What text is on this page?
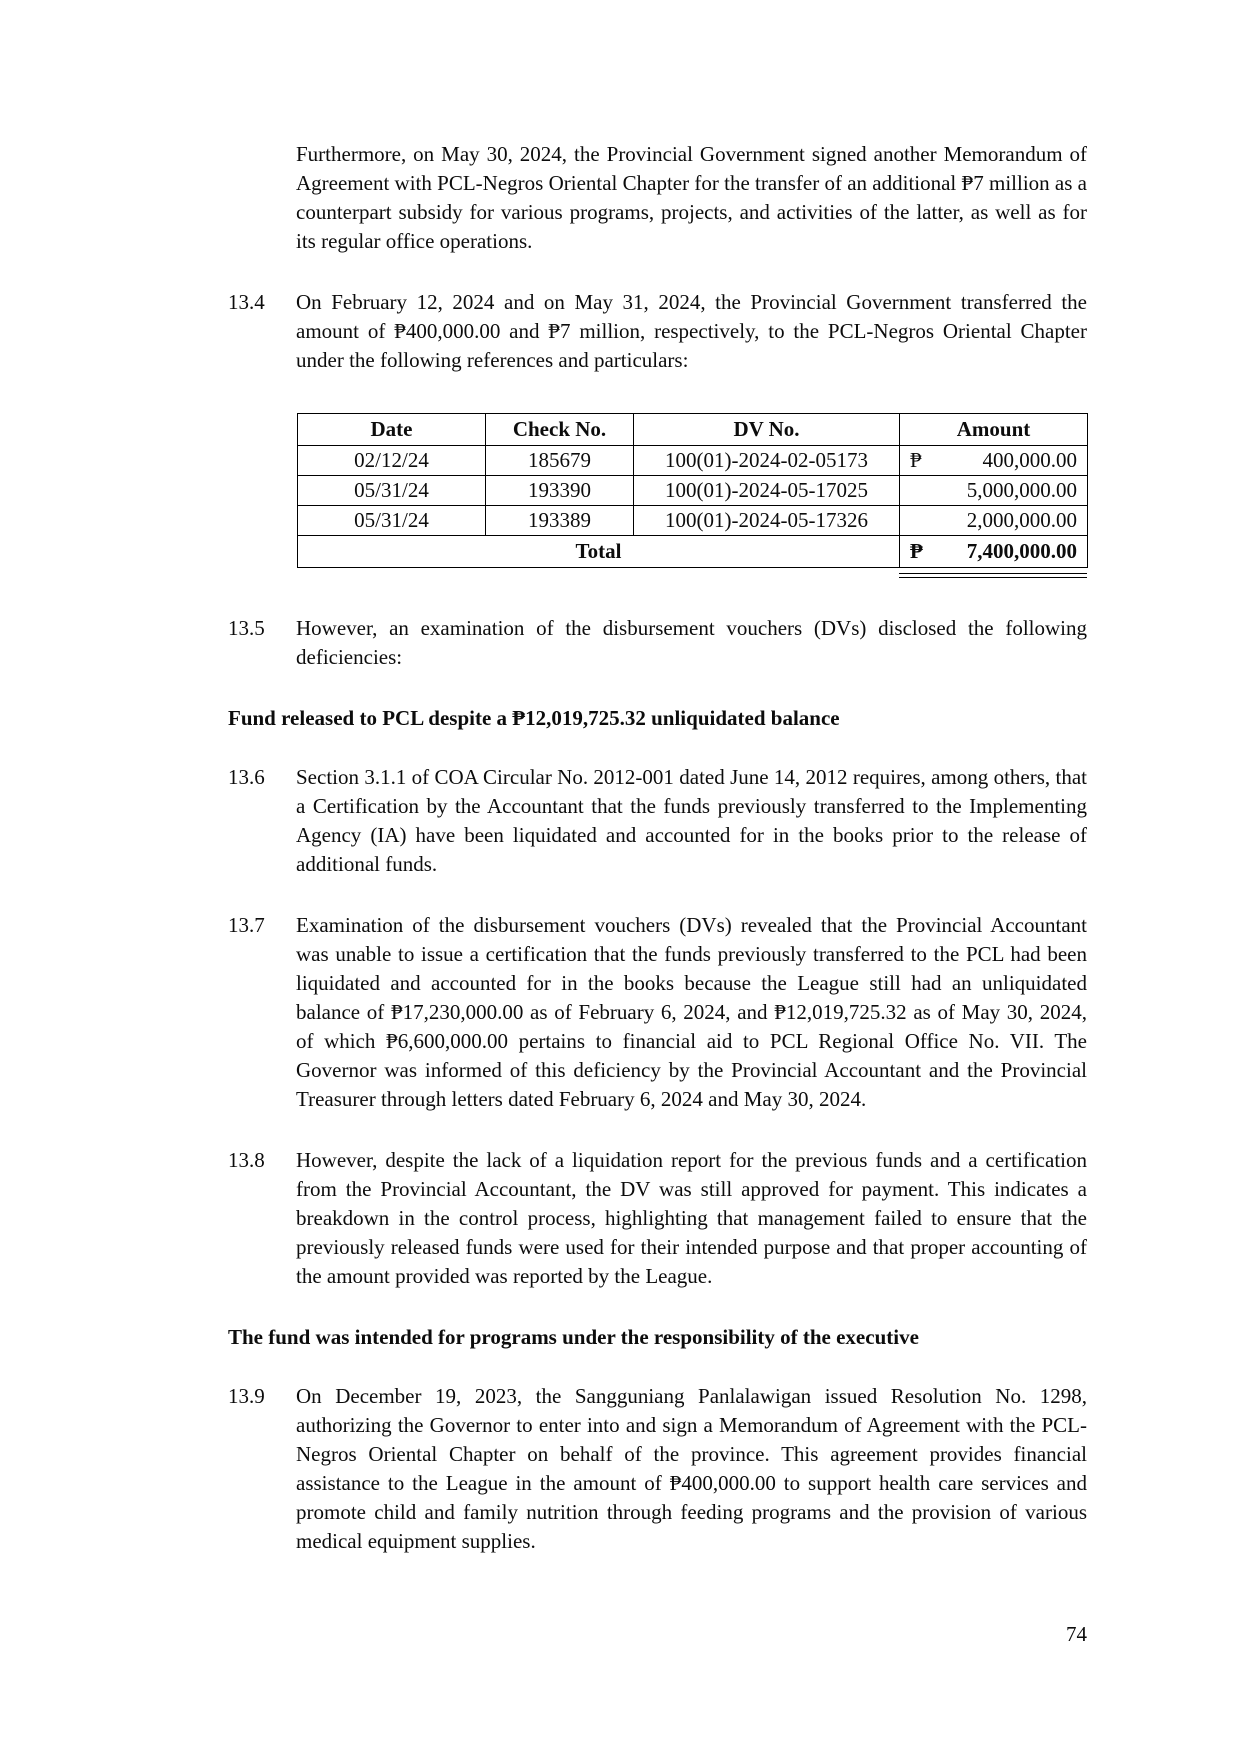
Furthermore, on May 30, 2024, the Provincial Government signed another Memorandum of Agreement with PCL-Negros Oriental Chapter for the transfer of an additional ₱7 million as a counterpart subsidy for various programs, projects, and activities of the latter, as well as for its regular office operations.
13.4	On February 12, 2024 and on May 31, 2024, the Provincial Government transferred the amount of ₱400,000.00 and ₱7 million, respectively, to the PCL-Negros Oriental Chapter under the following references and particulars:
Date	Check No.	DV No.	Amount
02/12/24	185679	100(01)-2024-02-05173	₱ 400,000.00

05/31/24	193390	100(01)-2024-05-17025	5,000,000.00
05/31/24	193389	100(01)-2024-05-17326	2,000,000.00
Total			₱ 7,400,000.00
13.5	However, an examination of the disbursement vouchers (DVs) disclosed the following deficiencies:
Fund released to PCL despite a ₱12,019,725.32 unliquidated balance
13.6	Section 3.1.1 of COA Circular No. 2012-001 dated June 14, 2012 requires, among others, that a Certification by the Accountant that the funds previously transferred to the Implementing Agency (IA) have been liquidated and accounted for in the books prior to the release of additional funds.
13.7	Examination of the disbursement vouchers (DVs) revealed that the Provincial Accountant was unable to issue a certification that the funds previously transferred to the PCL had been liquidated and accounted for in the books because the League still had an unliquidated balance of ₱17,230,000.00 as of February 6, 2024, and ₱12,019,725.32 as of May 30, 2024, of which ₱6,600,000.00 pertains to financial aid to PCL Regional Office No. VII. The Governor was informed of this deficiency by the Provincial Accountant and the Provincial Treasurer through letters dated February 6, 2024 and May 30, 2024.
13.8	However, despite the lack of a liquidation report for the previous funds and a certification from the Provincial Accountant, the DV was still approved for payment. This indicates a breakdown in the control process, highlighting that management failed to ensure that the previously released funds were used for their intended purpose and that proper accounting of the amount provided was reported by the League.
The fund was intended for programs under the responsibility of the executive
13.9	On December 19, 2023, the Sangguniang Panlalawigan issued Resolution No. 1298, authorizing the Governor to enter into and sign a Memorandum of Agreement with the PCL-Negros Oriental Chapter on behalf of the province. This agreement provides financial assistance to the League in the amount of ₱400,000.00 to support health care services and promote child and family nutrition through feeding programs and the provision of various medical equipment supplies.
74
